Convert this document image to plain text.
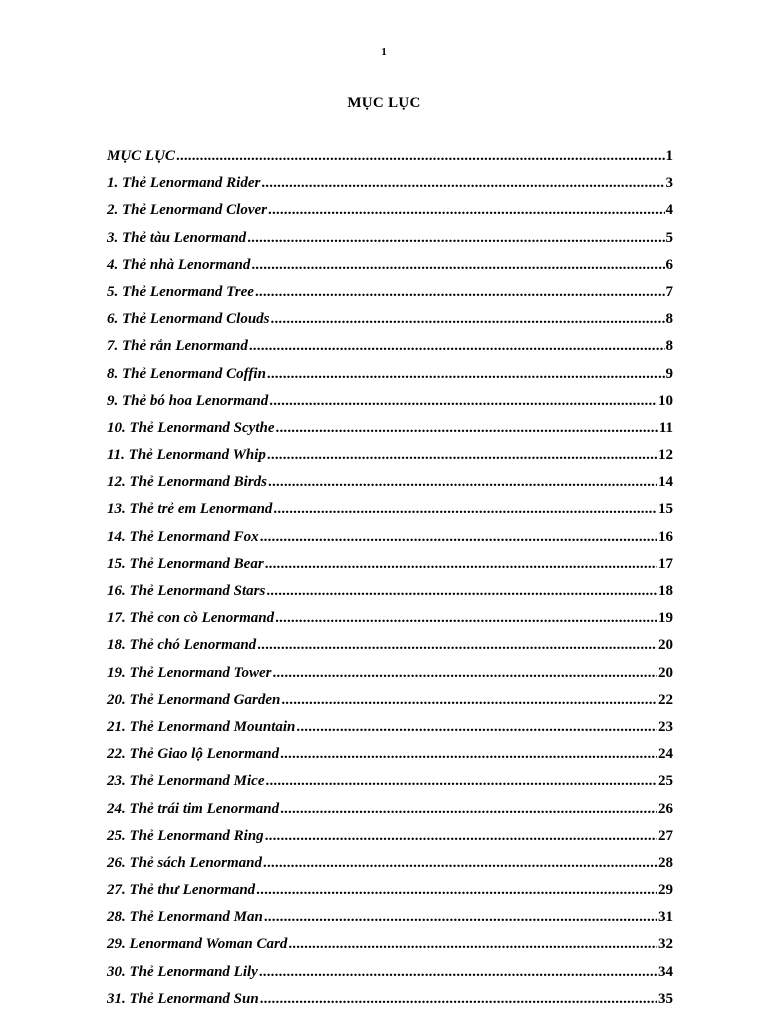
1
MỤC LỤC
MỤC LỤC .....	1
1. Thẻ Lenormand Rider .....	3
2. Thẻ Lenormand Clover .....	4
3. Thẻ tàu Lenormand .....	5
4. Thẻ nhà Lenormand .....	6
5. Thẻ Lenormand Tree .....	7
6. Thẻ Lenormand Clouds .....	8
7. Thẻ rắn Lenormand .....	8
8. Thẻ Lenormand Coffin .....	9
9. Thẻ bó hoa Lenormand .....	10
10. Thẻ Lenormand Scythe .....	11
11. Thẻ Lenormand Whip .....	12
12. Thẻ Lenormand Birds .....	14
13. Thẻ trẻ em Lenormand .....	15
14. Thẻ Lenormand Fox .....	16
15. Thẻ Lenormand Bear .....	17
16. Thẻ Lenormand Stars .....	18
17. Thẻ con cò Lenormand .....	19
18. Thẻ chó Lenormand .....	20
19. Thẻ Lenormand Tower .....	20
20. Thẻ Lenormand Garden .....	22
21. Thẻ Lenormand Mountain .....	23
22. Thẻ Giao lộ Lenormand .....	24
23. Thẻ Lenormand Mice .....	25
24. Thẻ trái tim Lenormand .....	26
25. Thẻ Lenormand Ring .....	27
26. Thẻ sách Lenormand .....	28
27. Thẻ thư Lenormand .....	29
28. Thẻ Lenormand Man .....	31
29. Lenormand Woman Card .....	32
30. Thẻ Lenormand Lily .....	34
31. Thẻ Lenormand Sun .....	35
